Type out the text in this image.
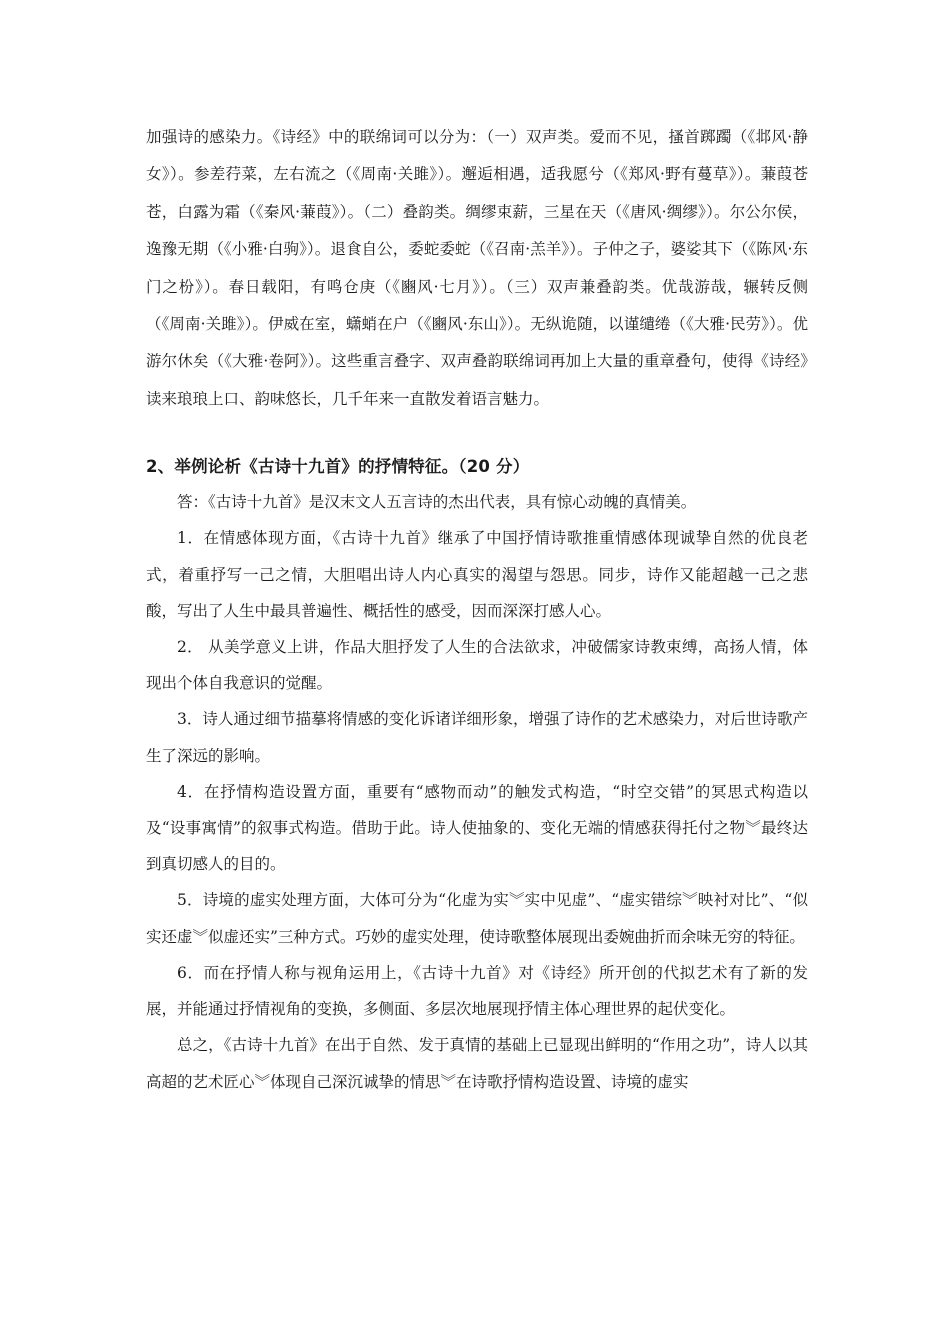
加强诗的感染力。《诗经》中的联绵词可以分为：（一）双声类。爱而不见，搔首踯躅（《邶风·静女》）。参差荇菜，左右流之（《周南·关雎》）。邂逅相遇，适我愿兮（《郑风·野有蔓草》）。蒹葭苍苍，白露为霜（《秦风·蒹葭》）。（二）叠韵类。绸缪束薪，三星在天（《唐风·绸缪》）。尔公尔侯，逸豫无期（《小雅·白驹》）。退食自公，委蛇委蛇（《召南·羔羊》）。子仲之子，婆娑其下（《陈风·东门之枌》）。春日载阳，有鸣仓庚（《豳风·七月》）。（三）双声兼叠韵类。优哉游哉，辗转反侧（《周南·关雎》）。伊威在室，蟏蛸在户（《豳风·东山》）。无纵诡随，以谨缱绻（《大雅·民劳》）。优游尔休矣（《大雅·卷阿》）。这些重言叠字、双声叠韵联绵词再加上大量的重章叠句，使得《诗经》读来琅琅上口、韵味悠长，几千年来一直散发着语言魅力。

2、举例论析《古诗十九首》的抒情特征。（20 分）

答：《古诗十九首》是汉末文人五言诗的杰出代表，具有惊心动魄的真情美。

1．在情感体现方面，《古诗十九首》继承了中国抒情诗歌推重情感体现诚挚自然的优良老式，着重抒写一己之情，大胆唱出诗人内心真实的渴望与怨思。同步，诗作又能超越一己之悲酸，写出了人生中最具普遍性、概括性的感受，因而深深打感人心。

2． 从美学意义上讲，作品大胆抒发了人生的合法欲求，冲破儒家诗教束缚，高扬人情，体现出个体自我意识的觉醒。

3．诗人通过细节描摹将情感的变化诉诸详细形象，增强了诗作的艺术感染力，对后世诗歌产生了深远的影响。

4．在抒情构造设置方面，重要有“感物而动”的触发式构造，“时空交错”的冥思式构造以及“设事寓情”的叙事式构造。借助于此。诗人使抽象的、变化无端的情感获得托付之物︾最终达到真切感人的目的。

5．诗境的虚实处理方面，大体可分为“化虚为实︾实中见虚”、“虚实错综︾映衬对比”、“似实还虚︾似虚还实”三种方式。巧妙的虚实处理，使诗歌整体展现出委婉曲折而余味无穷的特征。

6．而在抒情人称与视角运用上，《古诗十九首》对《诗经》所开创的代拟艺术有了新的发展，并能通过抒情视角的变换，多侧面、多层次地展现抒情主体心理世界的起伏变化。

总之，《古诗十九首》在出于自然、发于真情的基础上已显现出鲜明的“作用之功”，诗人以其高超的艺术匠心︾体现自己深沉诚挚的情思︾在诗歌抒情构造设置、诗境的虚实
